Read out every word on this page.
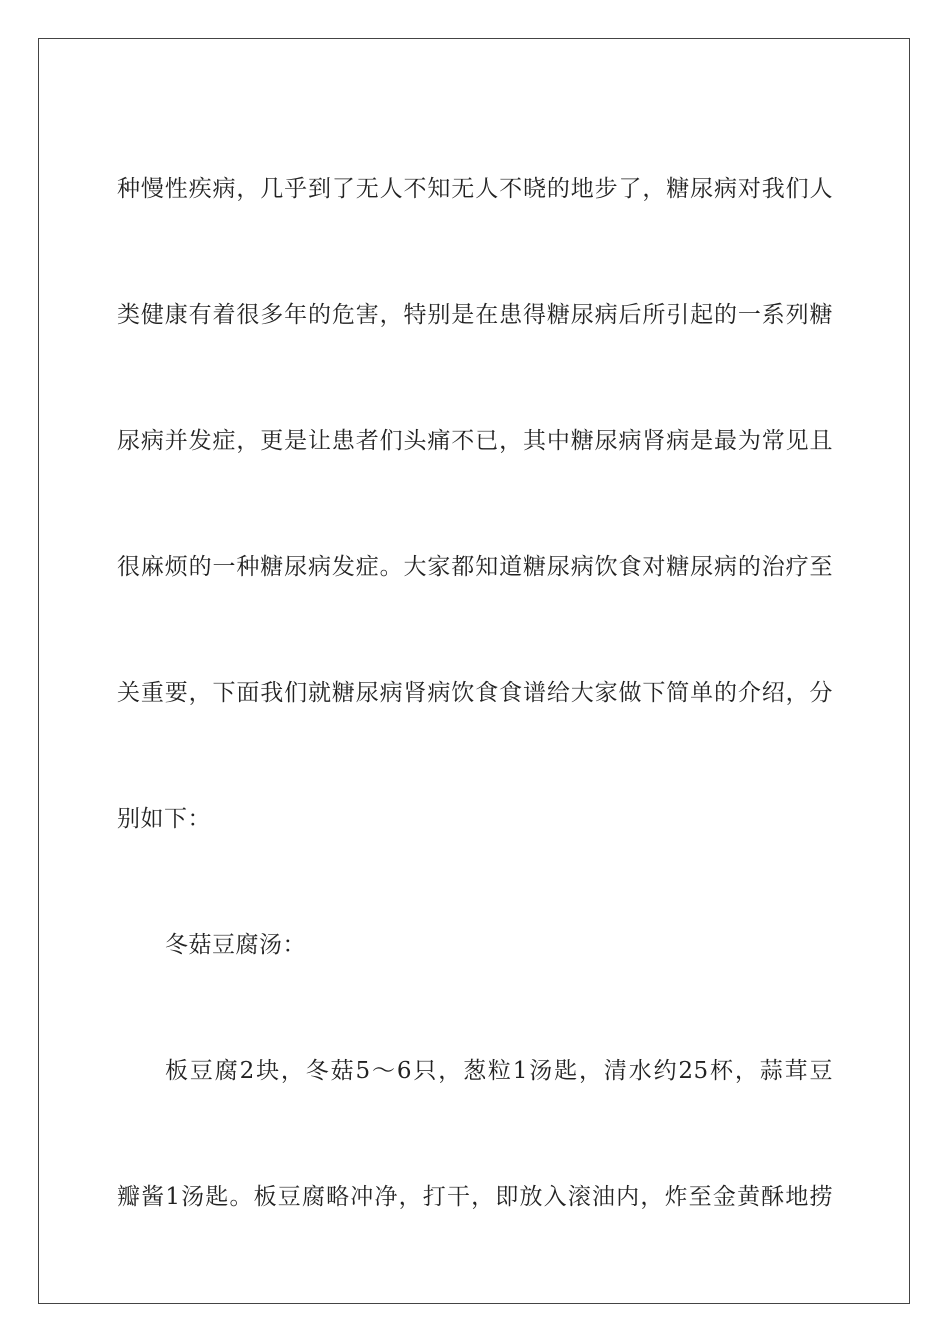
种慢性疾病，几乎到了无人不知无人不晓的地步了，糖尿病对我们人
类健康有着很多年的危害，特别是在患得糖尿病后所引起的一系列糖
尿病并发症，更是让患者们头痛不已，其中糖尿病肾病是最为常见且
很麻烦的一种糖尿病发症。大家都知道糖尿病饮食对糖尿病的治疗至
关重要，下面我们就糖尿病肾病饮食食谱给大家做下简单的介绍，分
别如下：
冬菇豆腐汤：
板豆腐2块，冬菇5～6只，葱粒1汤匙，清水约25杯，蒜茸豆
瓣酱1汤匙。板豆腐略冲净，打干，即放入滚油内，炸至金黄酥地捞
